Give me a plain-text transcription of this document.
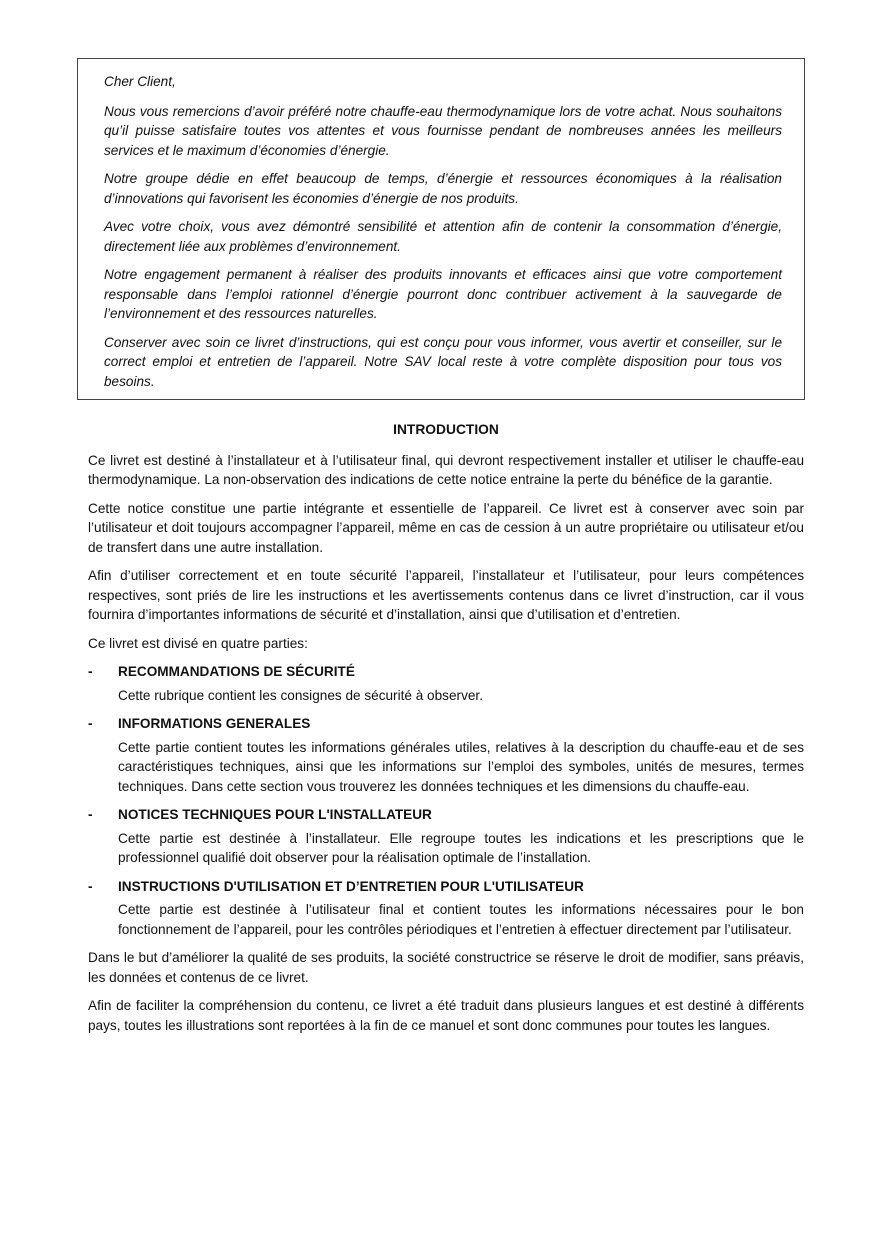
Cher Client,

Nous vous remercions d’avoir préféré notre chauffe-eau thermodynamique lors de votre achat. Nous souhaitons qu’il puisse satisfaire toutes vos attentes et vous fournisse pendant de nombreuses années les meilleurs services et le maximum d’économies d’énergie.

Notre groupe dédie en effet beaucoup de temps, d’énergie et ressources économiques à la réalisation d’innovations qui favorisent les économies d’énergie de nos produits.

Avec votre choix, vous avez démontré sensibilité et attention afin de contenir la consommation d’énergie, directement liée aux problèmes d’environnement.

Notre engagement permanent à réaliser des produits innovants et efficaces ainsi que votre comportement responsable dans l’emploi rationnel d’énergie pourront donc contribuer activement à la sauvegarde de l’environnement et des ressources naturelles.

Conserver avec soin ce livret d’instructions, qui est conçu pour vous informer, vous avertir et conseiller, sur le correct emploi et entretien de l’appareil. Notre SAV local reste à votre complète disposition pour tous vos besoins.

INTRODUCTION

Ce livret est destiné à l’installateur et à l’utilisateur final, qui devront respectivement installer et utiliser le chauffe-eau thermodynamique. La non-observation des indications de cette notice entraine la perte du bénéfice de la garantie.

Cette notice constitue une partie intégrante et essentielle de l’appareil. Ce livret est à conserver avec soin par l’utilisateur et doit toujours accompagner l’appareil, même en cas de cession à un autre propriétaire ou utilisateur et/ou de transfert dans une autre installation.

Afin d’utiliser correctement et en toute sécurité l’appareil, l’installateur et l’utilisateur, pour leurs compétences respectives, sont priés de lire les instructions et les avertissements contenus dans ce livret d’instruction, car il vous fournira d’importantes informations de sécurité et d’installation, ainsi que d’utilisation et d’entretien.

Ce livret est divisé en quatre parties:

- RECOMMANDATIONS DE SÉCURITÉ
Cette rubrique contient les consignes de sécurité à observer.
- INFORMATIONS GENERALES
Cette partie contient toutes les informations générales utiles, relatives à la description du chauffe-eau et de ses caractéristiques techniques, ainsi que les informations sur l’emploi des symboles, unités de mesures, termes techniques. Dans cette section vous trouverez les données techniques et les dimensions du chauffe-eau.
- NOTICES TECHNIQUES POUR L'INSTALLATEUR
Cette partie est destinée à l’installateur. Elle regroupe toutes les indications et les prescriptions que le professionnel qualifié doit observer pour la réalisation optimale de l’installation.
- INSTRUCTIONS D'UTILISATION ET D’ENTRETIEN POUR L'UTILISATEUR
Cette partie est destinée à l’utilisateur final et contient toutes les informations nécessaires pour le bon fonctionnement de l’appareil, pour les contrôles périodiques et l’entretien à effectuer directement par l’utilisateur.

Dans le but d’améliorer la qualité de ses produits, la société constructrice se réserve le droit de modifier, sans préavis, les données et contenus de ce livret.

Afin de faciliter la compréhension du contenu, ce livret a été traduit dans plusieurs langues et est destiné à différents pays, toutes les illustrations sont reportées à la fin de ce manuel et sont donc communes pour toutes les langues.
